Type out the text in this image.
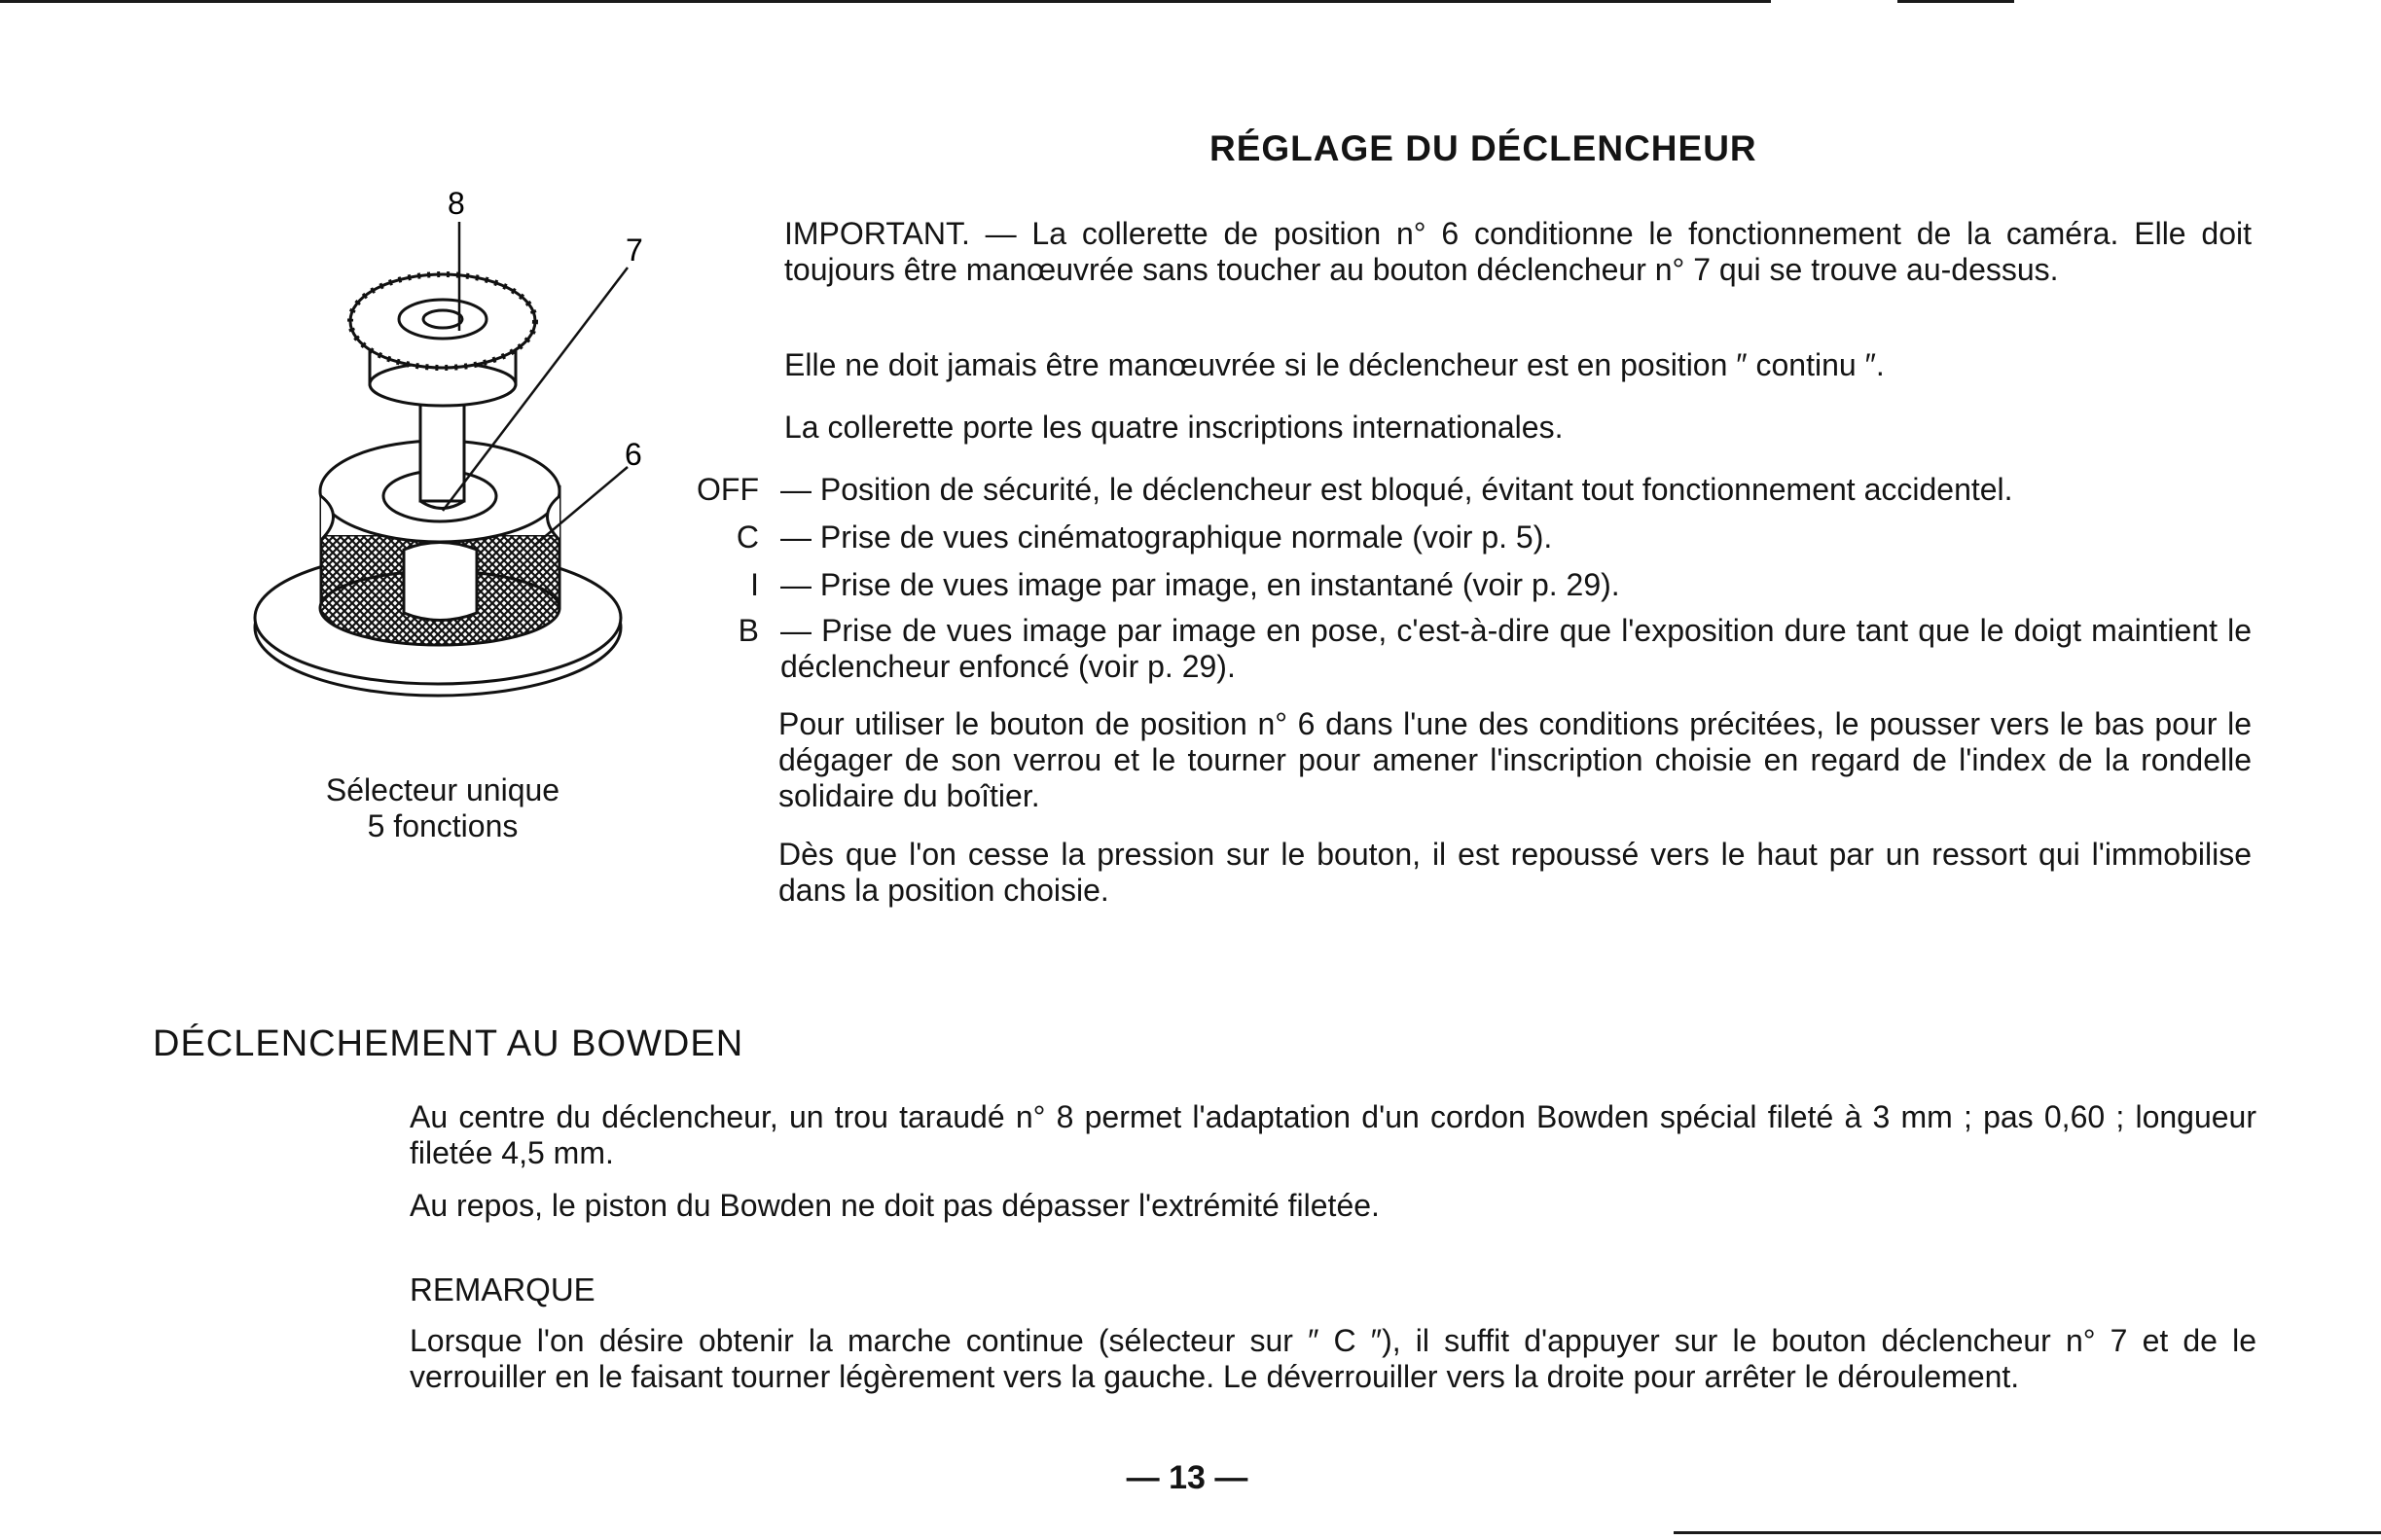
8
7
6
Sélecteur unique
5 fonctions
RÉGLAGE DU DÉCLENCHEUR
IMPORTANT. — La collerette de position n° 6 conditionne le fonctionnement de la caméra. Elle doit toujours être manœuvrée sans toucher au bouton déclencheur n° 7 qui se trouve au-dessus.
Elle ne doit jamais être manœuvrée si le déclencheur est en position ″ continu ″.
La collerette porte les quatre inscriptions internationales.
OFF — Position de sécurité, le déclencheur est bloqué, évitant tout fonctionnement accidentel.
C — Prise de vues cinématographique normale (voir p. 5).
I — Prise de vues image par image, en instantané (voir p. 29).
B — Prise de vues image par image en pose, c'est-à-dire que l'exposition dure tant que le doigt maintient le déclencheur enfoncé (voir p. 29).
Pour utiliser le bouton de position n° 6 dans l'une des conditions précitées, le pousser vers le bas pour le dégager de son verrou et le tourner pour amener l'inscription choisie en regard de l'index de la rondelle solidaire du boîtier.
Dès que l'on cesse la pression sur le bouton, il est repoussé vers le haut par un ressort qui l'immobilise dans la position choisie.
DÉCLENCHEMENT AU BOWDEN
Au centre du déclencheur, un trou taraudé n° 8 permet l'adaptation d'un cordon Bowden spécial fileté à 3 mm ; pas 0,60 ; longueur filetée 4,5 mm.
Au repos, le piston du Bowden ne doit pas dépasser l'extrémité filetée.
REMARQUE
Lorsque l'on désire obtenir la marche continue (sélecteur sur ″ C ″), il suffit d'appuyer sur le bouton déclencheur n° 7 et de le verrouiller en le faisant tourner légèrement vers la gauche. Le déverrouiller vers la droite pour arrêter le déroulement.
— 13 —
